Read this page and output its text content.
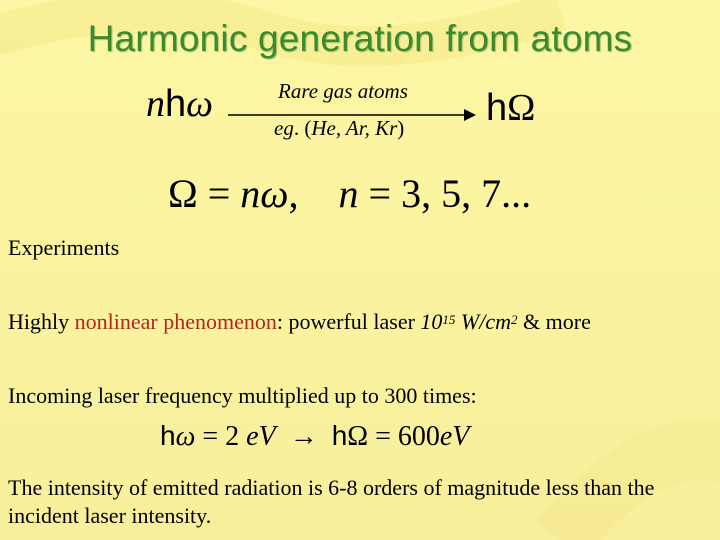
Harmonic generation from atoms
nhω	Rare gas atoms
eg. (He, Ar, Kr) hΩ
Ω = nω,    n = 3, 5, 7...
Experiments
Highly nonlinear phenomenon: powerful laser $10^{15}$ $W/cm^2$ & more
Incoming laser frequency multiplied up to 300 times:
hω = 2 eV  →  hΩ = 600eV
The intensity of emitted radiation is 6-8 orders of magnitude less than the incident laser intensity.
